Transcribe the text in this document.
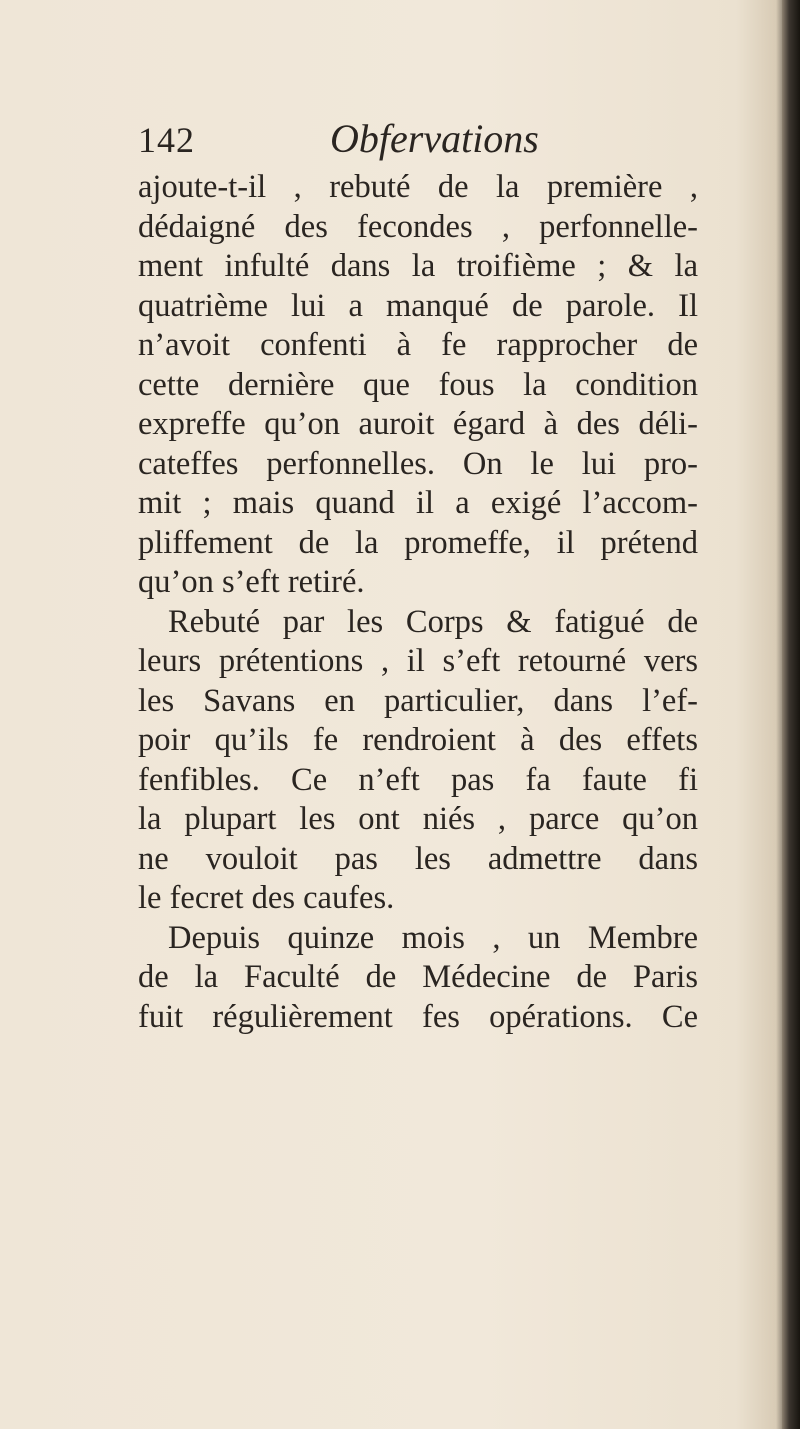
142	Obfervations
ajoute-t-il , rebuté de la première ,
dédaigné des fecondes , perfonnelle-
ment infulté dans la troifième ; & la
quatrième lui a manqué de parole. Il
n’avoit confenti à fe rapprocher de
cette dernière que fous la condition
expreffe qu’on auroit égard à des déli-
cateffes perfonnelles. On le lui pro-
mit ; mais quand il a exigé l’accom-
pliffement de la promeffe, il prétend
qu’on s’eft retiré.
Rebuté par les Corps & fatigué de
leurs prétentions , il s’eft retourné vers
les Savans en particulier, dans l’ef-
poir qu’ils fe rendroient à des effets
fenfibles. Ce n’eft pas fa faute fi
la plupart les ont niés , parce qu’on
ne vouloit pas les admettre dans
le fecret des caufes.
Depuis quinze mois , un Membre
de la Faculté de Médecine de Paris
fuit régulièrement fes opérations. Ce
